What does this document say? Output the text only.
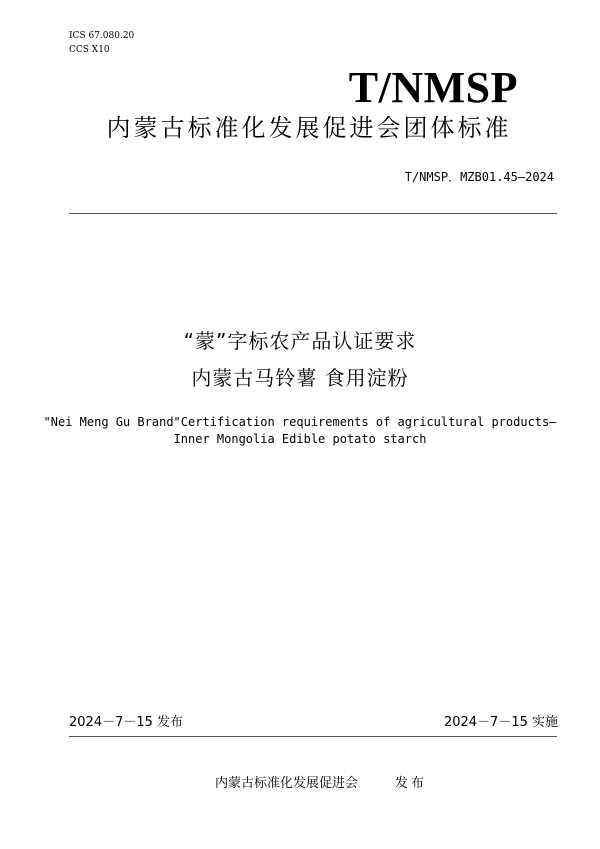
ICS 67.080.20
CCS X10
T/NMSP
内蒙古标准化发展促进会团体标准
T/NMSP．MZB01.45—2024
“蒙”字标农产品认证要求
内蒙古马铃薯 食用淀粉
"Nei Meng Gu Brand"Certification requirements of agricultural products—
Inner Mongolia Edible potato starch
2024－7－15 发布	2024－7－15 实施
内蒙古标准化发展促进会	发布
